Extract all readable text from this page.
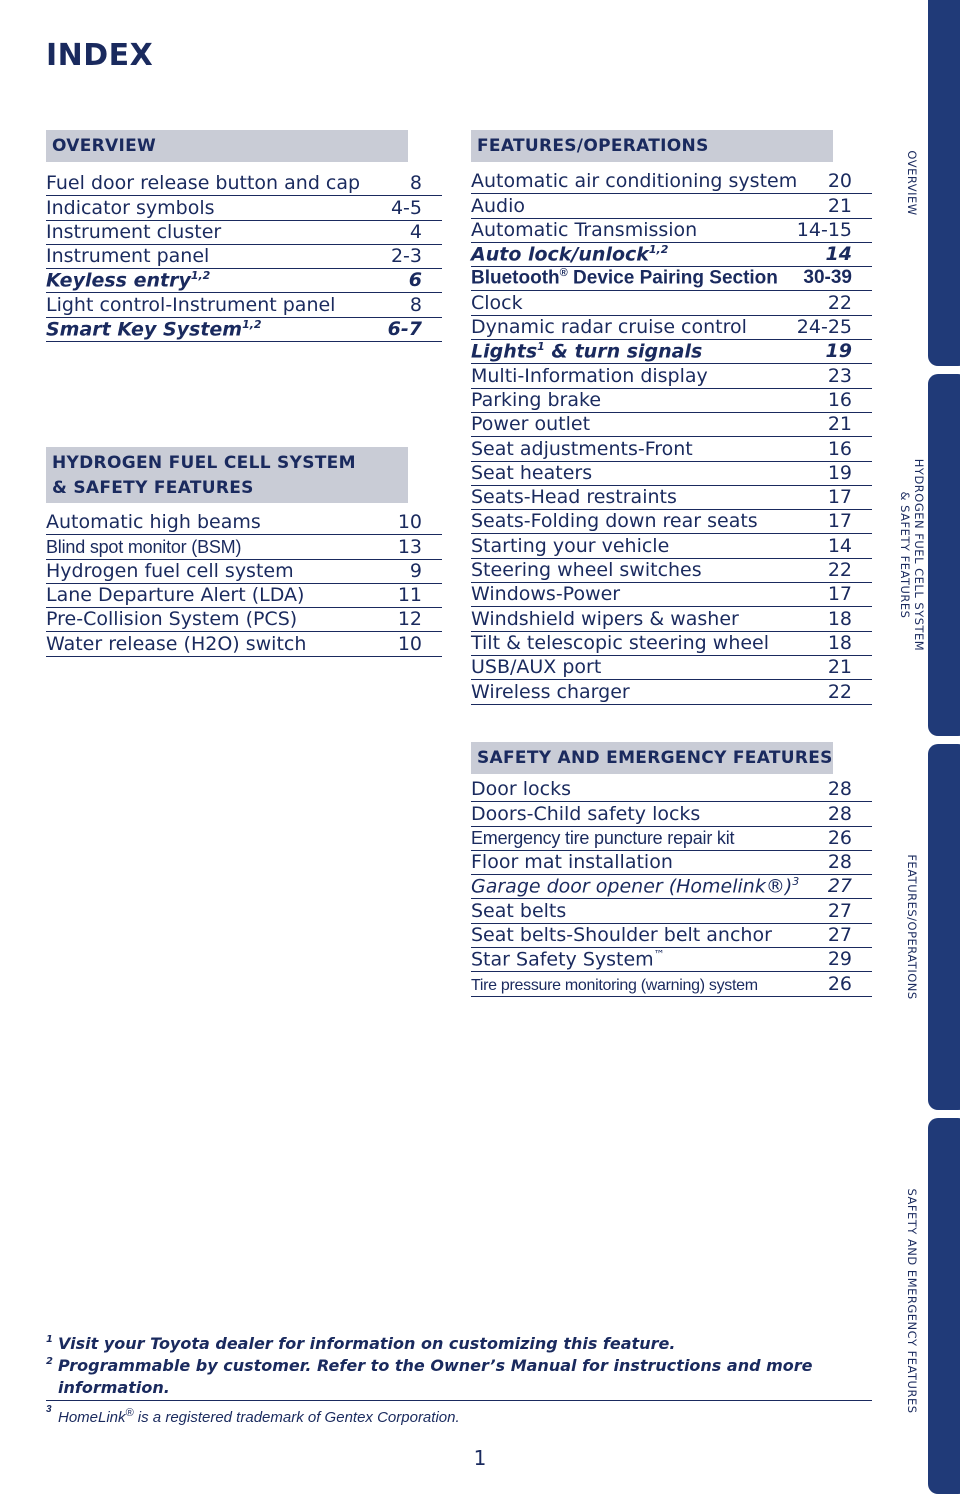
INDEX
OVERVIEW
Fuel door release button and cap	8
Indicator symbols	4-5
Instrument cluster	4
Instrument panel	2-3
Keyless entry$^{1,2}$	6
Light control-Instrument panel	8
Smart Key System$^{1,2}$	6-7
HYDROGEN FUEL CELL SYSTEM
& SAFETY FEATURES
Automatic high beams	10
Blind spot monitor (BSM)	13
Hydrogen fuel cell system	9
Lane Departure Alert (LDA)	11
Pre-Collision System (PCS)	12
Water release (H2O) switch	10
FEATURES/OPERATIONS
Automatic air conditioning system	20
Audio	21
Automatic Transmission	14-15
Auto lock/unlock$^{1,2}$	14
Bluetooth® Device Pairing Section 30-39
Clock	22
Dynamic radar cruise control	24-25
Lights$^1$ & turn signals	19
Multi-Information display	23
Parking brake	16
Power outlet	21
Seat adjustments-Front	16
Seat heaters	19
Seats-Head restraints	17
Seats-Folding down rear seats	17
Starting your vehicle	14
Steering wheel switches	22
Windows-Power	17
Windshield wipers & washer	18
Tilt & telescopic steering wheel	18
USB/AUX port	21
Wireless charger	22
SAFETY AND EMERGENCY FEATURES
Door locks	28
Doors-Child safety locks	28
Emergency tire puncture repair kit	26
Floor mat installation	28
Garage door opener (Homelink®)$^3$	27
Seat belts	27
Seat belts-Shoulder belt anchor	27
Star Safety System™	29
Tire pressure monitoring (warning) system	26
1 Visit your Toyota dealer for information on customizing this feature.
2 Programmable by customer. Refer to the Owner’s Manual for instructions and more information.
3 HomeLink® is a registered trademark of Gentex Corporation.
1
OVERVIEW
HYDROGEN FUEL CELL SYSTEM
& SAFETY FEATURES
FEATURES/OPERATIONS
SAFETY AND EMERGENCY FEATURES
